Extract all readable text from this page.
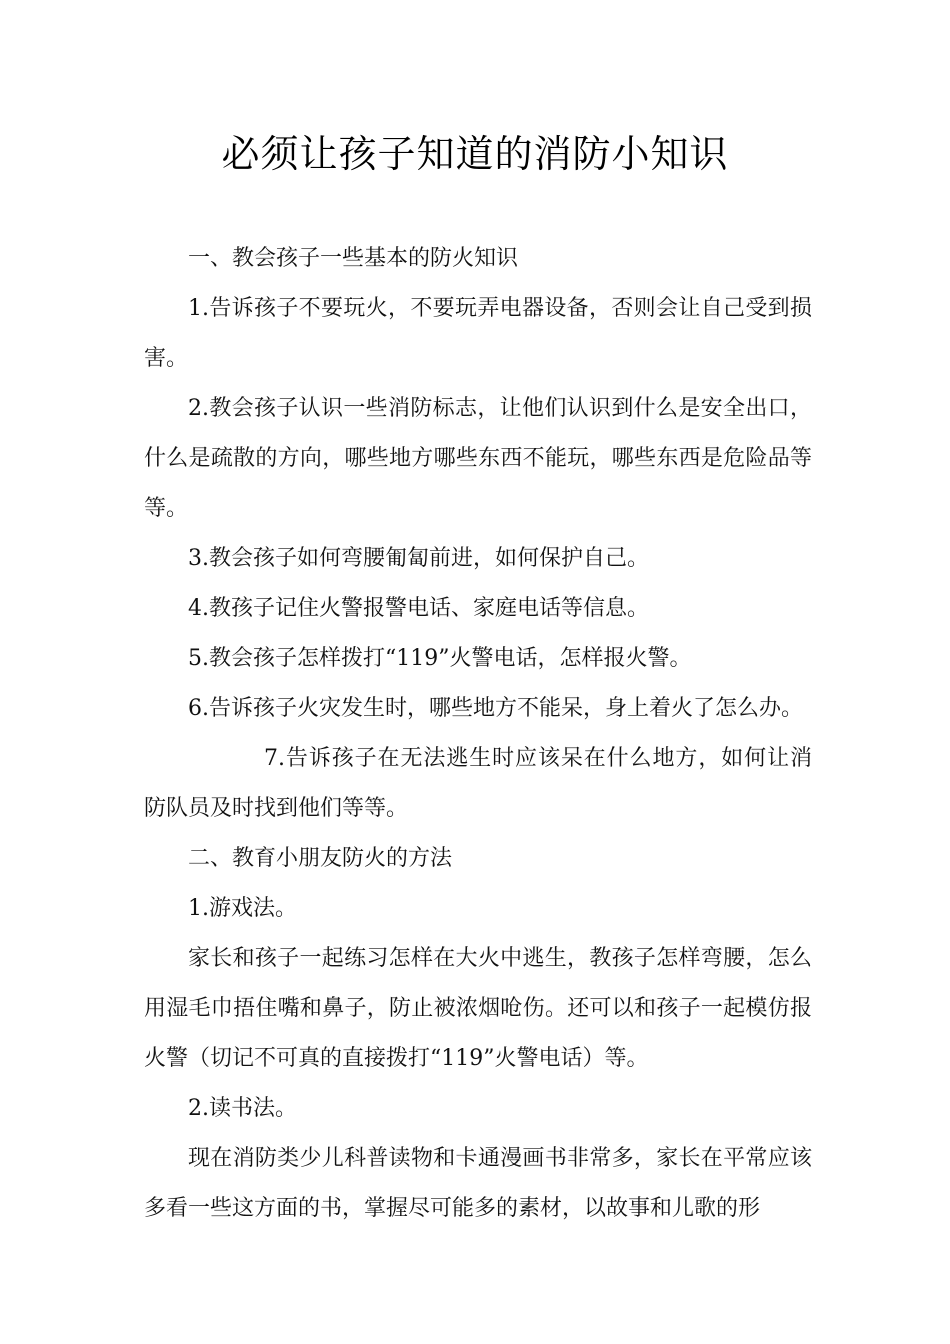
必须让孩子知道的消防小知识

一、教会孩子一些基本的防火知识

1.告诉孩子不要玩火，不要玩弄电器设备，否则会让自己受到损害。

2.教会孩子认识一些消防标志，让他们认识到什么是安全出口，什么是疏散的方向，哪些地方哪些东西不能玩，哪些东西是危险品等等。

3.教会孩子如何弯腰匍匐前进，如何保护自己。

4.教孩子记住火警报警电话、家庭电话等信息。

5.教会孩子怎样拨打“119”火警电话，怎样报火警。

6.告诉孩子火灾发生时，哪些地方不能呆，身上着火了怎么办。

7.告诉孩子在无法逃生时应该呆在什么地方，如何让消防队员及时找到他们等等。

二、教育小朋友防火的方法

1.游戏法。

家长和孩子一起练习怎样在大火中逃生，教孩子怎样弯腰，怎么用湿毛巾捂住嘴和鼻子，防止被浓烟呛伤。还可以和孩子一起模仿报火警（切记不可真的直接拨打“119”火警电话）等。

2.读书法。

现在消防类少儿科普读物和卡通漫画书非常多，家长在平常应该多看一些这方面的书，掌握尽可能多的素材，以故事和儿歌的形
